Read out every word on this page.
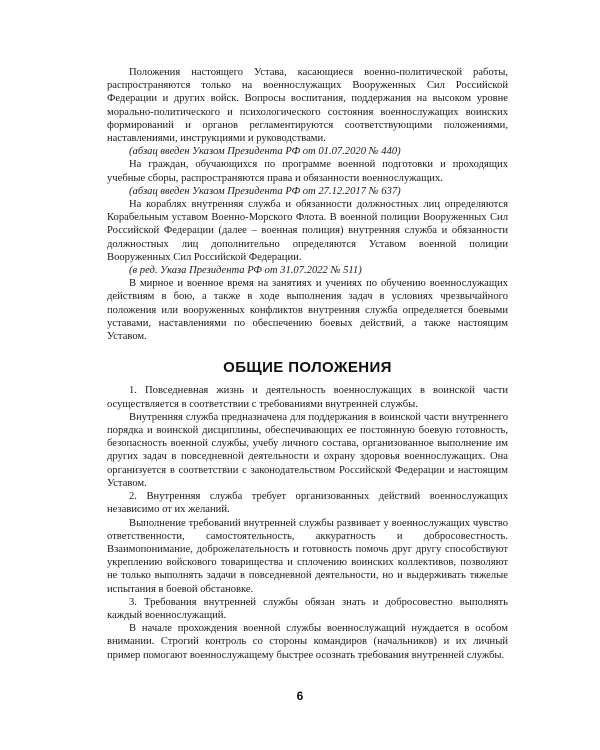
Положения настоящего Устава, касающиеся военно-политической работы, распространяются только на военнослужащих Вооруженных Сил Российской Федерации и других войск. Вопросы воспитания, поддержания на высоком уровне морально-политического и психологического состояния военнослужащих воинских формирований и органов регламентируются соответствующими положениями, наставлениями, инструкциями и руководствами.

(абзац введен Указом Президента РФ от 01.07.2020 № 440)

На граждан, обучающихся по программе военной подготовки и проходящих учебные сборы, распространяются права и обязанности военнослужащих.

(абзац введен Указом Президента РФ от 27.12.2017 № 637)

На кораблях внутренняя служба и обязанности должностных лиц определяются Корабельным уставом Военно-Морского Флота. В военной полиции Вооруженных Сил Российской Федерации (далее – военная полиция) внутренняя служба и обязанности должностных лиц дополнительно определяются Уставом военной полиции Вооруженных Сил Российской Федерации.

(в ред. Указа Президента РФ от 31.07.2022 № 511)

В мирное и военное время на занятиях и учениях по обучению военнослужащих действиям в бою, а также в ходе выполнения задач в условиях чрезвычайного положения или вооруженных конфликтов внутренняя служба определяется боевыми уставами, наставлениями по обеспечению боевых действий, а также настоящим Уставом.

ОБЩИЕ ПОЛОЖЕНИЯ

1. Повседневная жизнь и деятельность военнослужащих в воинской части осуществляется в соответствии с требованиями внутренней службы.

Внутренняя служба предназначена для поддержания в воинской части внутреннего порядка и воинской дисциплины, обеспечивающих ее постоянную боевую готовность, безопасность военной службы, учебу личного состава, организованное выполнение им других задач в повседневной деятельности и охрану здоровья военнослужащих. Она организуется в соответствии с законодательством Российской Федерации и настоящим Уставом.

2. Внутренняя служба требует организованных действий военнослужащих независимо от их желаний.

Выполнение требований внутренней службы развивает у военнослужащих чувство ответственности, самостоятельность, аккуратность и добросовестность. Взаимопонимание, доброжелательность и готовность помочь друг другу способствуют укреплению войскового товарищества и сплочению воинских коллективов, позволяют не только выполнять задачи в повседневной деятельности, но и выдерживать тяжелые испытания в боевой обстановке.

3. Требования внутренней службы обязан знать и добросовестно выполнять каждый военнослужащий.

В начале прохождения военной службы военнослужащий нуждается в особом внимании. Строгий контроль со стороны командиров (начальников) и их личный пример помогают военнослужащему быстрее осознать требования внутренней службы.

6
